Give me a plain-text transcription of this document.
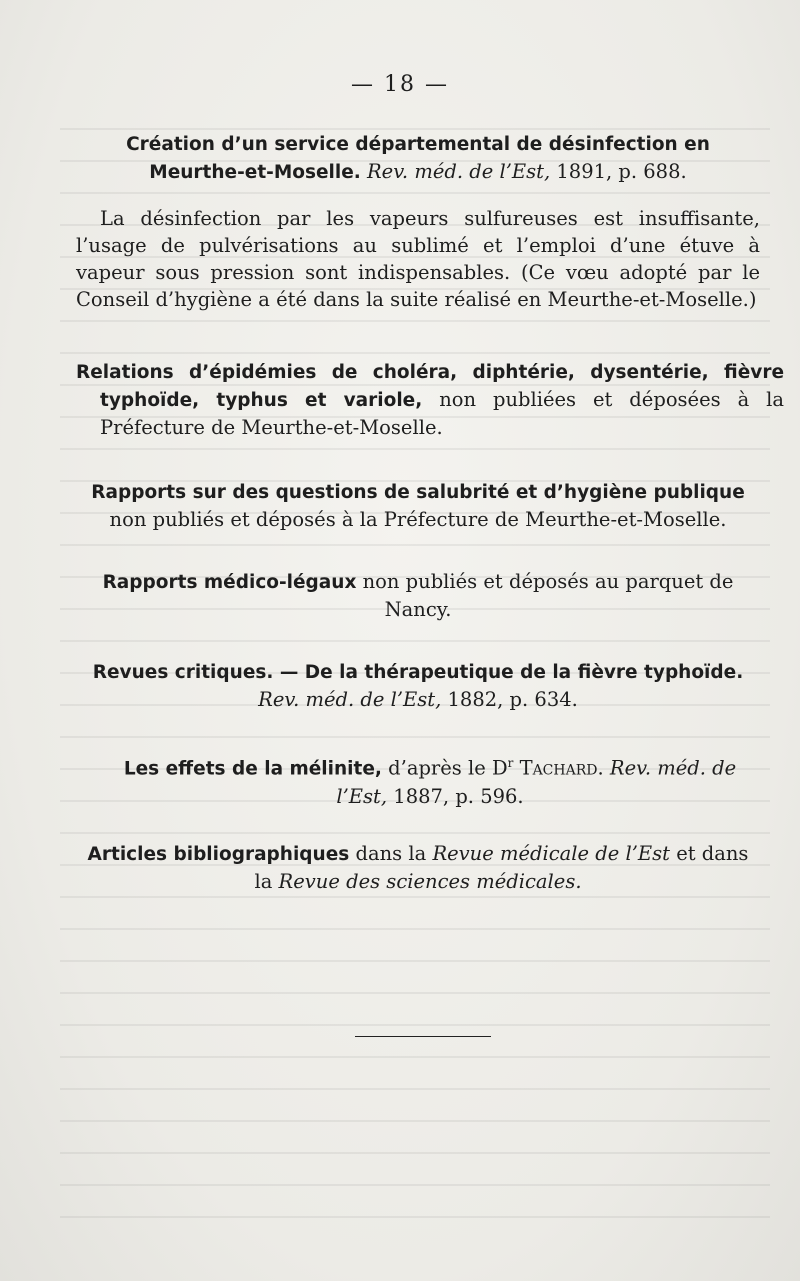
— 18 —

Création d’un service départemental de désinfection en Meurthe-et-Moselle. Rev. méd. de l’Est, 1891, p. 688.

La désinfection par les vapeurs sulfureuses est insuffisante, l’usage de pulvérisations au sublimé et l’emploi d’une étuve à vapeur sous pression sont indispensables. (Ce vœu adopté par le Conseil d’hygiène a été dans la suite réalisé en Meurthe-et-Moselle.)

Relations d’épidémies de choléra, diphtérie, dysentérie, fièvre typhoïde, typhus et variole, non publiées et déposées à la Préfecture de Meurthe-et-Moselle.

Rapports sur des questions de salubrité et d’hygiène publique non publiés et déposés à la Préfecture de Meurthe-et-Moselle.

Rapports médico-légaux non publiés et déposés au parquet de Nancy.

Revues critiques. — De la thérapeutique de la fièvre typhoïde. Rev. méd. de l’Est, 1882, p. 634.

Les effets de la mélinite, d’après le $D^r$ Tachard. Rev. méd. de l’Est, 1887, p. 596.

Articles bibliographiques dans la Revue médicale de l’Est et dans la Revue des sciences médicales.
